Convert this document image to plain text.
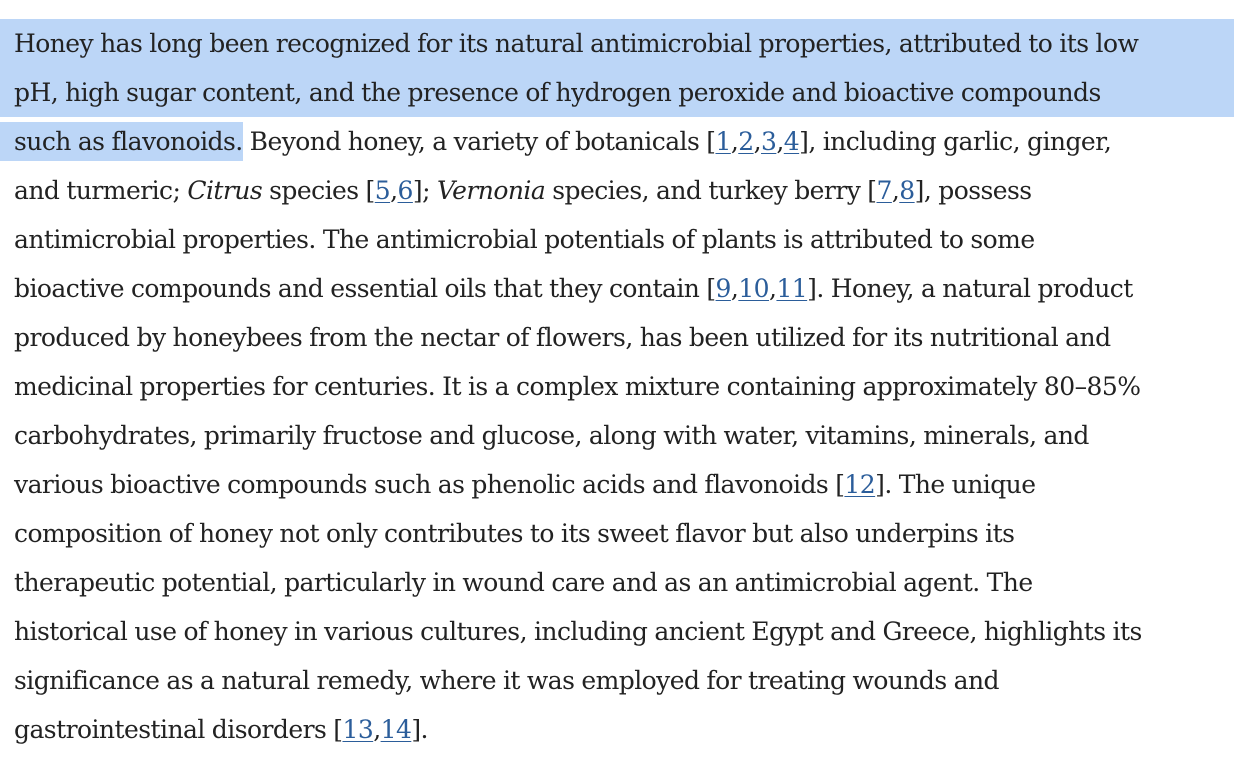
Honey has long been recognized for its natural antimicrobial properties, attributed to its low
pH, high sugar content, and the presence of hydrogen peroxide and bioactive compounds
such as flavonoids. Beyond honey, a variety of botanicals [1,2,3,4], including garlic, ginger,
and turmeric; Citrus species [5,6]; Vernonia species, and turkey berry [7,8], possess
antimicrobial properties. The antimicrobial potentials of plants is attributed to some
bioactive compounds and essential oils that they contain [9,10,11]. Honey, a natural product
produced by honeybees from the nectar of flowers, has been utilized for its nutritional and
medicinal properties for centuries. It is a complex mixture containing approximately 80–85%
carbohydrates, primarily fructose and glucose, along with water, vitamins, minerals, and
various bioactive compounds such as phenolic acids and flavonoids [12]. The unique
composition of honey not only contributes to its sweet flavor but also underpins its
therapeutic potential, particularly in wound care and as an antimicrobial agent. The
historical use of honey in various cultures, including ancient Egypt and Greece, highlights its
significance as a natural remedy, where it was employed for treating wounds and
gastrointestinal disorders [13,14].
